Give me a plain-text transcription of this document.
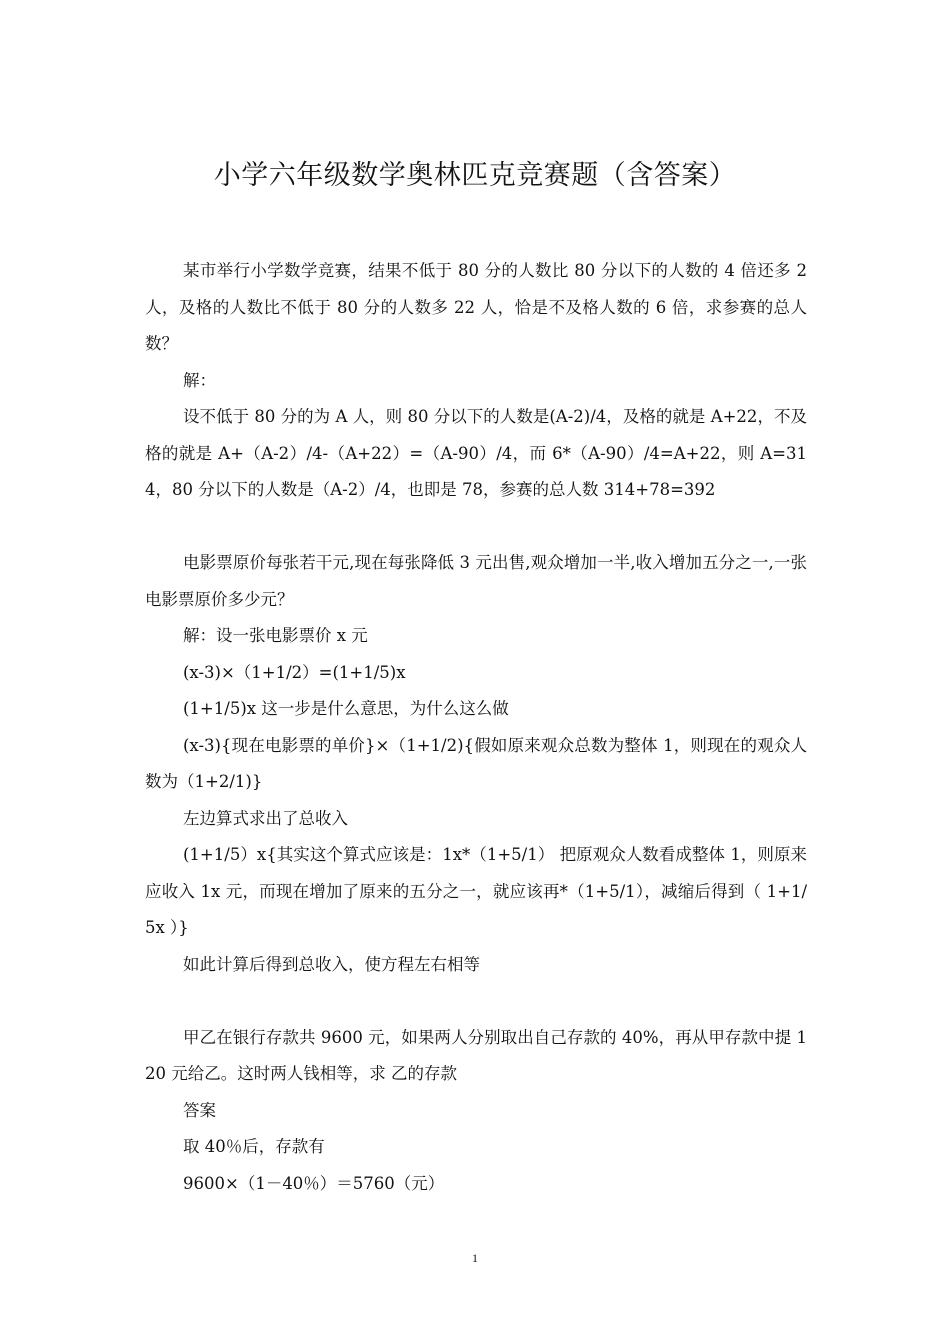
小学六年级数学奥林匹克竞赛题（含答案）

某市举行小学数学竞赛，结果不低于 80 分的人数比 80 分以下的人数的 4 倍还多 2 人，及格的人数比不低于 80 分的人数多 22 人，恰是不及格人数的 6 倍，求参赛的总人数？

解：

设不低于 80 分的为 A 人，则 80 分以下的人数是(A-2)/4，及格的就是 A+22，不及格的就是 A+（A-2）/4-（A+22）=（A-90）/4，而 6*（A-90）/4=A+22，则 A=314，80 分以下的人数是（A-2）/4，也即是 78，参赛的总人数 314+78=392

电影票原价每张若干元,现在每张降低 3 元出售,观众增加一半,收入增加五分之一,一张电影票原价多少元？

解：设一张电影票价 x 元

(x-3)×（1+1/2）=(1+1/5)x

(1+1/5)x 这一步是什么意思，为什么这么做

(x-3){现在电影票的单价}×（1+1/2){假如原来观众总数为整体 1，则现在的观众人数为（1+2/1)}

左边算式求出了总收入

(1+1/5）x{其实这个算式应该是：1x*（1+5/1） 把原观众人数看成整体 1，则原来应收入 1x 元，而现在增加了原来的五分之一，就应该再*（1+5/1），减缩后得到（ 1+1/5x ）}

如此计算后得到总收入，使方程左右相等

甲乙在银行存款共 9600 元，如果两人分别取出自己存款的 40%，再从甲存款中提 120 元给乙。这时两人钱相等，求 乙的存款

答案

取 40％后，存款有

9600×（1－40％）＝5760（元）

1
